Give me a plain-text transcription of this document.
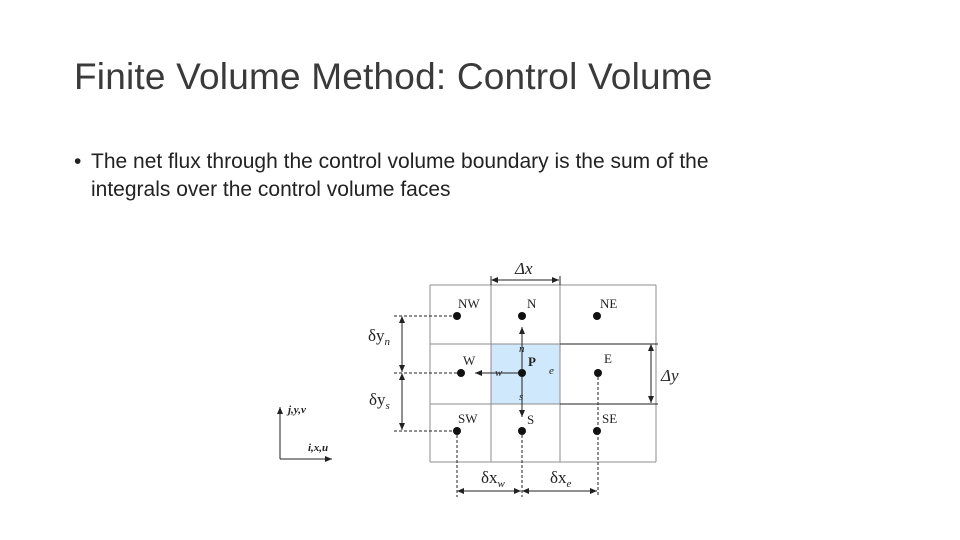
Finite Volume Method: Control Volume
• The net flux through the control volume boundary is the sum of the
integrals over the control volume faces
NW	N	NE
W	P	E
SW	S	SE
n
w	e
s
Δx
Δy
$\delta y_n$
$\delta y_s$
$\delta x_w$	$\delta x_e$
j,y,v
i,x,u
